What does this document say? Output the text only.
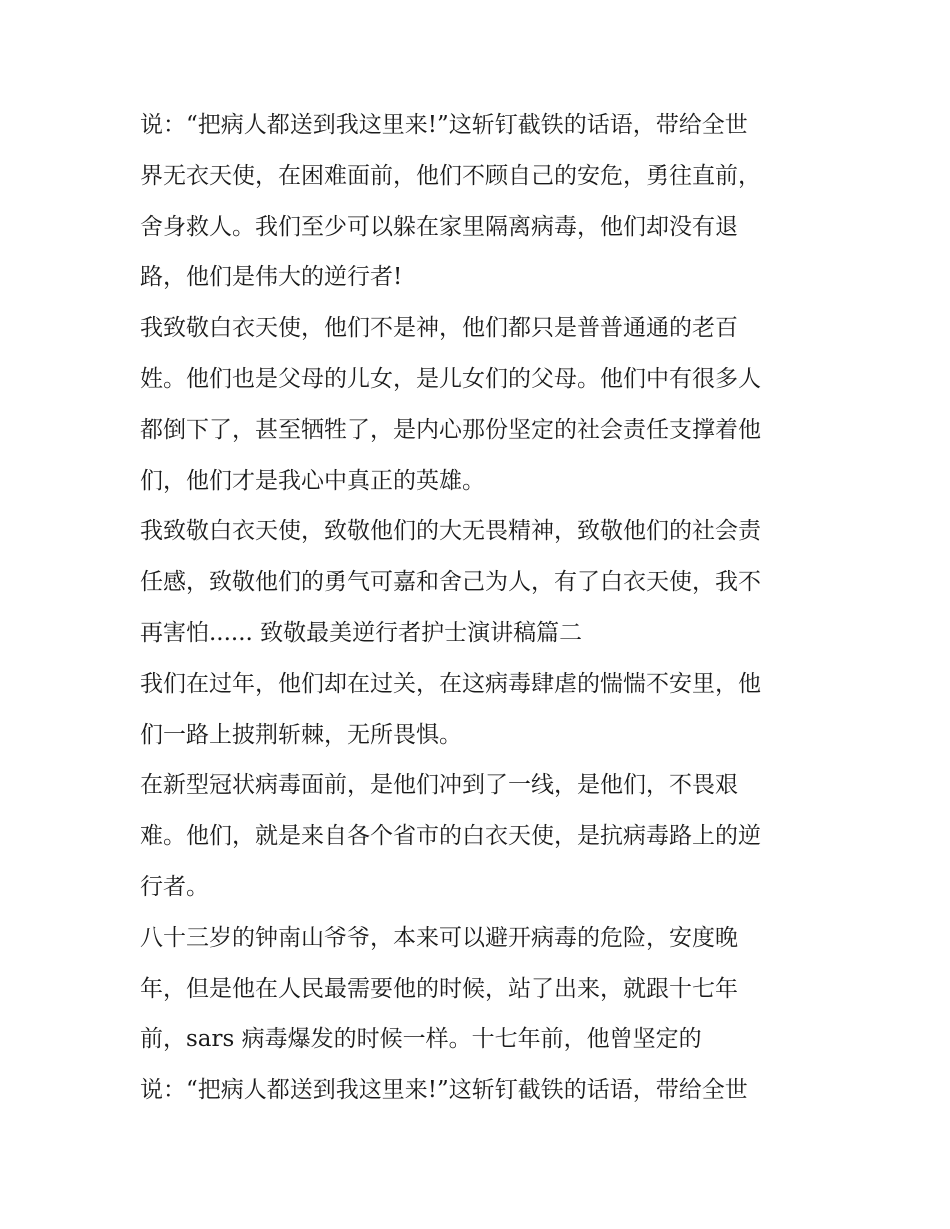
说：“把病人都送到我这里来!”这斩钉截铁的话语，带给全世
界无衣天使，在困难面前，他们不顾自己的安危，勇往直前，
舍身救人。我们至少可以躲在家里隔离病毒，他们却没有退
路，他们是伟大的逆行者!
我致敬白衣天使，他们不是神，他们都只是普普通通的老百
姓。他们也是父母的儿女，是儿女们的父母。他们中有很多人
都倒下了，甚至牺牲了，是内心那份坚定的社会责任支撑着他
们，他们才是我心中真正的英雄。
我致敬白衣天使，致敬他们的大无畏精神，致敬他们的社会责
任感，致敬他们的勇气可嘉和舍己为人，有了白衣天使，我不
再害怕...... 致敬最美逆行者护士演讲稿篇二
我们在过年，他们却在过关，在这病毒肆虐的惴惴不安里，他
们一路上披荆斩棘，无所畏惧。
在新型冠状病毒面前，是他们冲到了一线，是他们，不畏艰
难。他们，就是来自各个省市的白衣天使，是抗病毒路上的逆
行者。
八十三岁的钟南山爷爷，本来可以避开病毒的危险，安度晚
年，但是他在人民最需要他的时候，站了出来，就跟十七年
前，sars 病毒爆发的时候一样。十七年前，他曾坚定的
说：“把病人都送到我这里来!”这斩钉截铁的话语，带给全世
